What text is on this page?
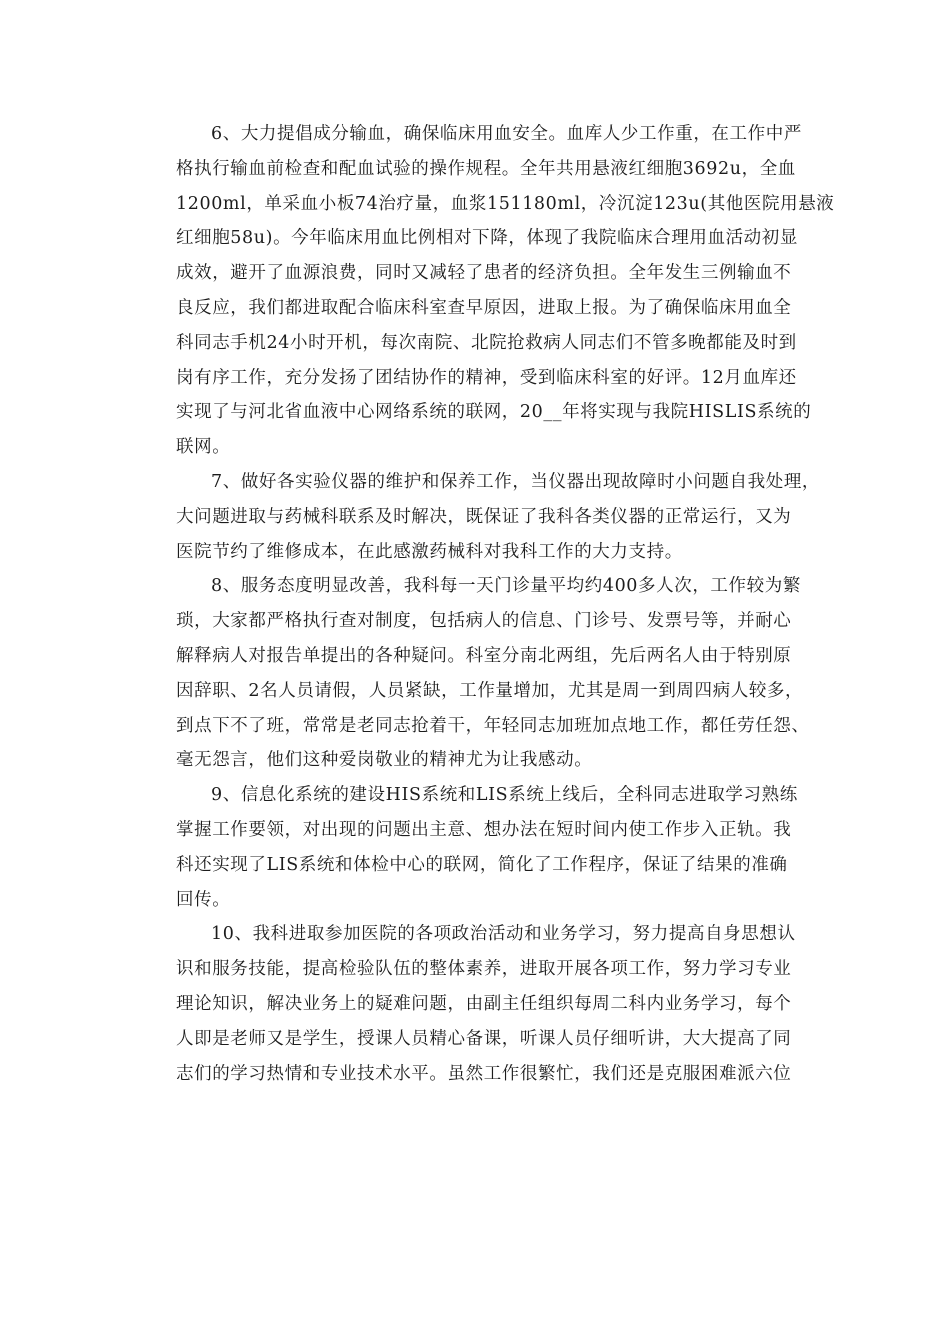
6、大力提倡成分输血，确保临床用血安全。血库人少工作重，在工作中严
格执行输血前检查和配血试验的操作规程。全年共用悬液红细胞3692u，全血
1200ml，单采血小板74治疗量，血浆151180ml，冷沉淀123u(其他医院用悬液
红细胞58u)。今年临床用血比例相对下降，体现了我院临床合理用血活动初显
成效，避开了血源浪费，同时又减轻了患者的经济负担。全年发生三例输血不
良反应，我们都进取配合临床科室查早原因，进取上报。为了确保临床用血全
科同志手机24小时开机，每次南院、北院抢救病人同志们不管多晚都能及时到
岗有序工作，充分发扬了团结协作的精神，受到临床科室的好评。12月血库还
实现了与河北省血液中心网络系统的联网，20__年将实现与我院HISLIS系统的
联网。
7、做好各实验仪器的维护和保养工作，当仪器出现故障时小问题自我处理，
大问题进取与药械科联系及时解决，既保证了我科各类仪器的正常运行，又为
医院节约了维修成本，在此感激药械科对我科工作的大力支持。
8、服务态度明显改善，我科每一天门诊量平均约400多人次，工作较为繁
琐，大家都严格执行查对制度，包括病人的信息、门诊号、发票号等，并耐心
解释病人对报告单提出的各种疑问。科室分南北两组，先后两名人由于特别原
因辞职、2名人员请假，人员紧缺，工作量增加，尤其是周一到周四病人较多，
到点下不了班，常常是老同志抢着干，年轻同志加班加点地工作，都任劳任怨、
毫无怨言，他们这种爱岗敬业的精神尤为让我感动。
9、信息化系统的建设HIS系统和LIS系统上线后，全科同志进取学习熟练
掌握工作要领，对出现的问题出主意、想办法在短时间内使工作步入正轨。我
科还实现了LIS系统和体检中心的联网，简化了工作程序，保证了结果的准确
回传。
10、我科进取参加医院的各项政治活动和业务学习，努力提高自身思想认
识和服务技能，提高检验队伍的整体素养，进取开展各项工作，努力学习专业
理论知识，解决业务上的疑难问题，由副主任组织每周二科内业务学习，每个
人即是老师又是学生，授课人员精心备课，听课人员仔细听讲，大大提高了同
志们的学习热情和专业技术水平。虽然工作很繁忙，我们还是克服困难派六位
